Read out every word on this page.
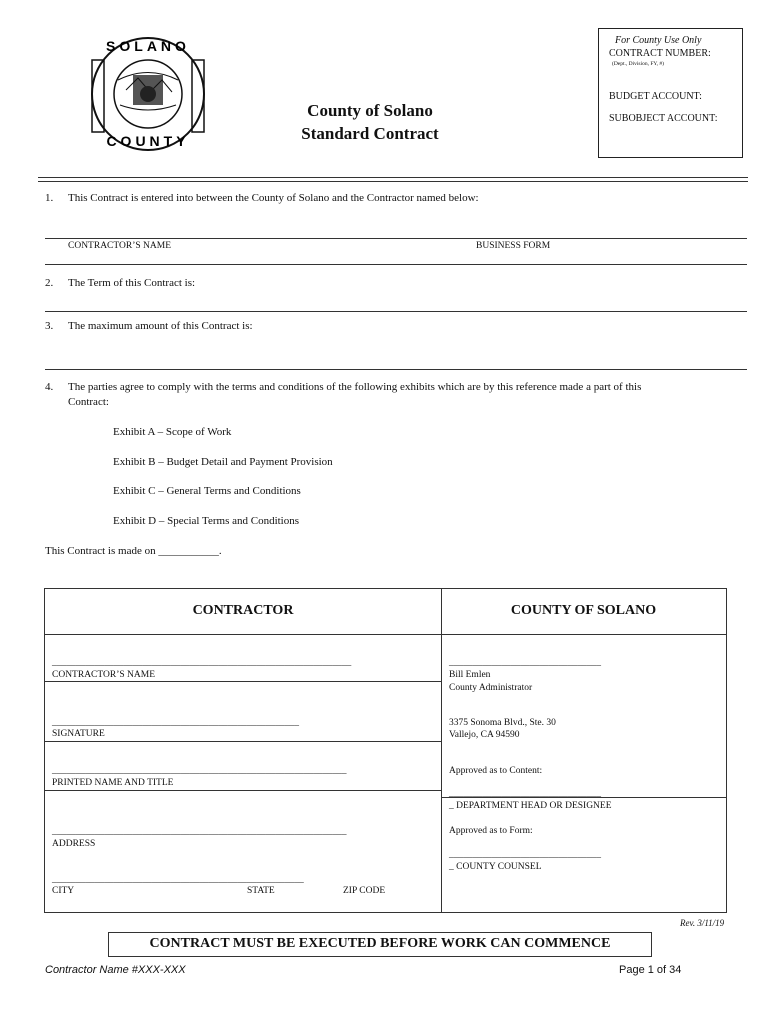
SOLANO
COUNTY
County of Solano
Standard Contract
For County Use Only
CONTRACT NUMBER:
(Dept., Division, FY, #)
BUDGET ACCOUNT:
SUBOBJECT ACCOUNT:
1. This Contract is entered into between the County of Solano and the Contractor named below:
CONTRACTOR’S NAME	BUSINESS FORM
2. The Term of this Contract is:
3. The maximum amount of this Contract is:
4. The parties agree to comply with the terms and conditions of the following exhibits which are by this reference made a part of this
Contract:
Exhibit A – Scope of Work
Exhibit B – Budget Detail and Payment Provision
Exhibit C – General Terms and Conditions
Exhibit D – Special Terms and Conditions
This Contract is made on ___________.
CONTRACTOR	COUNTY OF SOLANO
_______________________________________________________________
CONTRACTOR’S NAME
____________________________________________________
SIGNATURE
______________________________________________________________
PRINTED NAME AND TITLE
______________________________________________________________
ADDRESS
_____________________________________________________
CITY	STATE	ZIP CODE
________________________________
Bill Emlen
County Administrator
3375 Sonoma Blvd., Ste. 30
Vallejo, CA 94590
Approved as to Content:
________________________________
_ DEPARTMENT HEAD OR DESIGNEE
Approved as to Form:
________________________________
_ COUNTY COUNSEL
Rev. 3/11/19
CONTRACT MUST BE EXECUTED BEFORE WORK CAN COMMENCE
Contractor Name #XXX-XXX	Page 1 of 34
